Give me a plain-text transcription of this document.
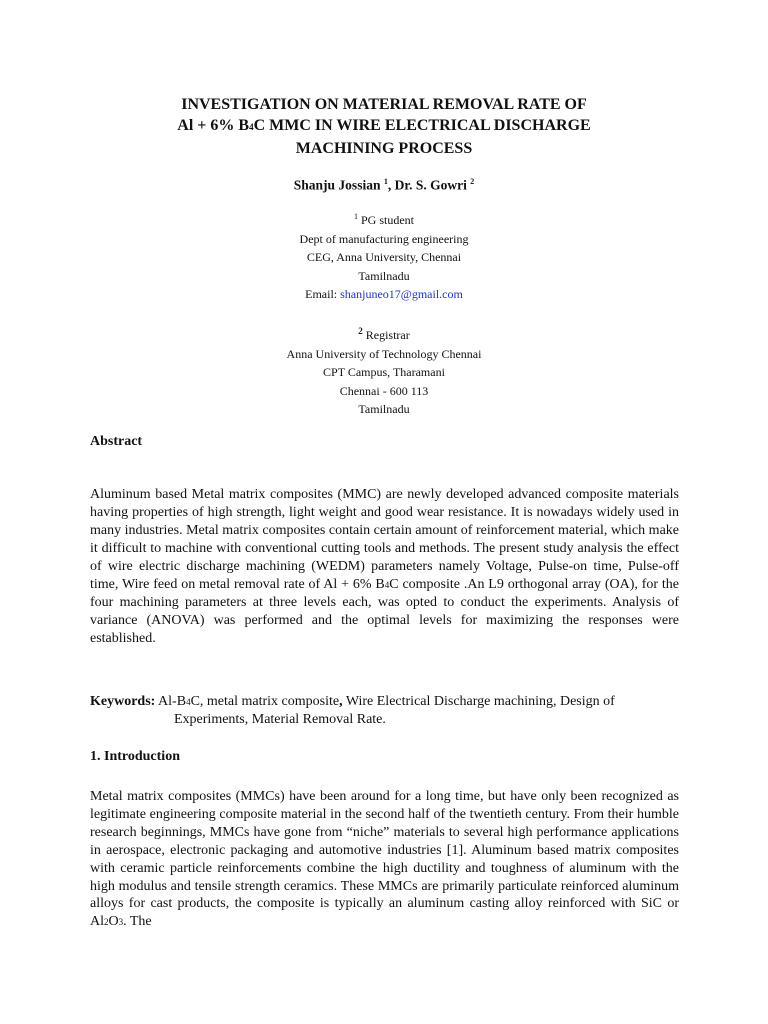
INVESTIGATION ON MATERIAL REMOVAL RATE OF
Al + 6% B4C MMC IN WIRE ELECTRICAL DISCHARGE
MACHINING PROCESS
Shanju Jossian $^1$, Dr. S. Gowri $^2$
$^1$ PG student
Dept of manufacturing engineering
CEG, Anna University, Chennai
Tamilnadu
Email: shanjuneo17@gmail.com
$^2$ Registrar
Anna University of Technology Chennai
CPT Campus, Tharamani
Chennai - 600 113
Tamilnadu
Abstract
Aluminum based Metal matrix composites (MMC) are newly developed advanced composite materials having properties of high strength, light weight and good wear resistance. It is nowadays widely used in many industries. Metal matrix composites contain certain amount of reinforcement material, which make it difficult to machine with conventional cutting tools and methods. The present study analysis the effect of wire electric discharge machining (WEDM) parameters namely Voltage, Pulse-on time, Pulse-off time, Wire feed on metal removal rate of Al + 6% B4C composite .An L9 orthogonal array (OA), for the four machining parameters at three levels each, was opted to conduct the experiments. Analysis of variance (ANOVA) was performed and the optimal levels for maximizing the responses were established.
Keywords: Al-B4C, metal matrix composite, Wire Electrical Discharge machining, Design of
Experiments, Material Removal Rate.
1. Introduction
Metal matrix composites (MMCs) have been around for a long time, but have only been recognized as legitimate engineering composite material in the second half of the twentieth century. From their humble research beginnings, MMCs have gone from “niche” materials to several high performance applications in aerospace, electronic packaging and automotive industries [1]. Aluminum based matrix composites with ceramic particle reinforcements combine the high ductility and toughness of aluminum with the high modulus and tensile strength ceramics. These MMCs are primarily particulate reinforced aluminum alloys for cast products, the composite is typically an aluminum casting alloy reinforced with SiC or Al2O3. The
